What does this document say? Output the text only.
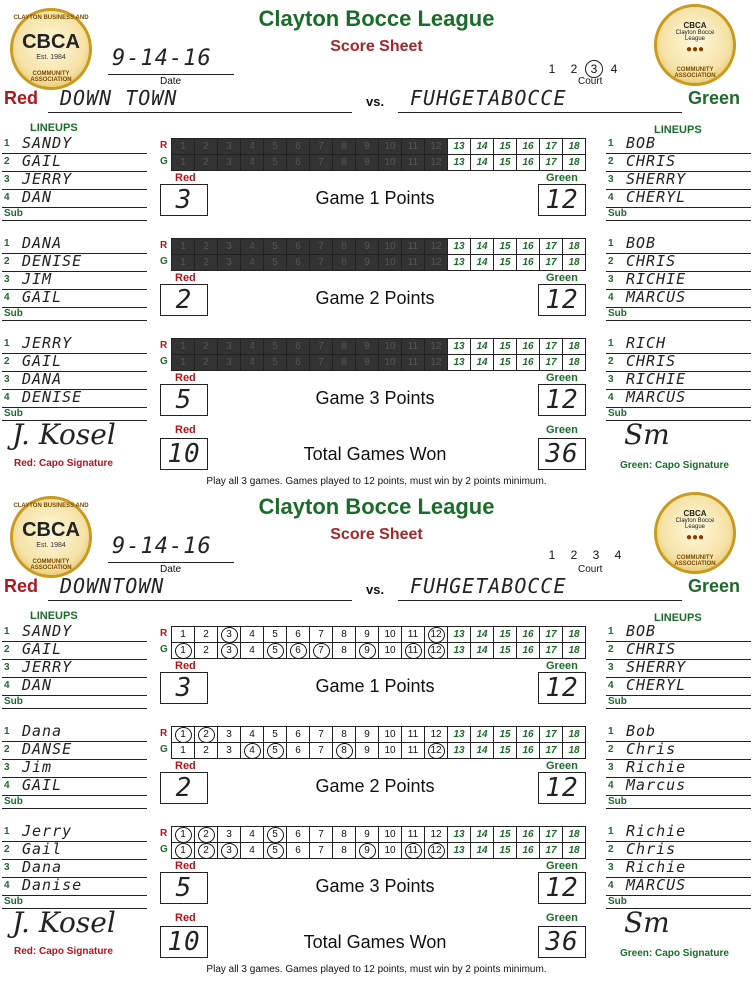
CLAYTON BUSINESS AND
CBCA
Est. 1984
COMMUNITY ASSOCIATION
CBCA
Clayton Bocce
League
●●●
COMMUNITY ASSOCIATION
Clayton Bocce League
Score Sheet
9-14-16
Date
1 2 3 4
Court
Red DOWN TOWN	vs. FUHGETABOCCE	Green
LINEUPS	LINEUPS
1 SANDY
2 GAIL
3 JERRY
4 DAN
Sub
1 BOB
2 CHRIS
3 SHERRY
4 CHERYL
Sub
R	1	2	3	4	5	6	7	8	9	10	11	12	13	14	15	16	17	18
G	1	2	3	4	5	6	7	8	9	10	11	12	13	14	15	16	17	18
Red	Green
3	Game 1 Points	12
1 DANA
2 DENISE
3 JIM
4 GAIL
Sub
1 BOB
2 CHRIS
3 RICHIE
4 MARCUS
Sub
R	1	2	3	4	5	6	7	8	9	10	11	12	13	14	15	16	17	18
G	1	2	3	4	5	6	7	8	9	10	11	12	13	14	15	16	17	18
Red	Green
2	Game 2 Points	12
1 JERRY
2 GAIL
3 DANA
4 DENISE
Sub
1 RICH
2 CHRIS
3 RICHIE
4 MARCUS
Sub
R	1	2	3	4	5	6	7	8	9	10	11	12	13	14	15	16	17	18
G	1	2	3	4	5	6	7	8	9	10	11	12	13	14	15	16	17	18
Red	Green
5	Game 3 Points	12
Red	Green
10	Total Games Won	36
J. Kosel
Red: Capo Signature
Sm
Green: Capo Signature
Play all 3 games. Games played to 12 points, must win by 2 points minimum.
CLAYTON BUSINESS AND
CBCA
Est. 1984
COMMUNITY ASSOCIATION
CBCA
Clayton Bocce
League
●●●
COMMUNITY ASSOCIATION
Clayton Bocce League
Score Sheet
9-14-16
Date
1 2 3 4
Court
Red DOWNTOWN	vs. FUHGETABOCCE	Green
LINEUPS	LINEUPS
1 SANDY
2 GAIL
3 JERRY
4 DAN
Sub
1 BOB
2 CHRIS
3 SHERRY
4 CHERYL
Sub
R	1	2	3	4	5	6	7	8	9	10	11	12	13	14	15	16	17	18
G	1	2	3	4	5	6	7	8	9	10	11	12	13	14	15	16	17	18
Red	Green
3	Game 1 Points	12
1 Dana
2 DANSE
3 Jim
4 GAIL
Sub
1 Bob
2 Chris
3 Richie
4 Marcus
Sub
R	1	2	3	4	5	6	7	8	9	10	11	12	13	14	15	16	17	18
G	1	2	3	4	5	6	7	8	9	10	11	12	13	14	15	16	17	18
Red	Green
2	Game 2 Points	12
1 Jerry
2 Gail
3 Dana
4 Danise
Sub
1 Richie
2 Chris
3 Richie
4 MARCUS
Sub
R	1	2	3	4	5	6	7	8	9	10	11	12	13	14	15	16	17	18
G	1	2	3	4	5	6	7	8	9	10	11	12	13	14	15	16	17	18
Red	Green
5	Game 3 Points	12
Red	Green
10	Total Games Won	36
J. Kosel
Red: Capo Signature
Sm
Green: Capo Signature
Play all 3 games. Games played to 12 points, must win by 2 points minimum.
